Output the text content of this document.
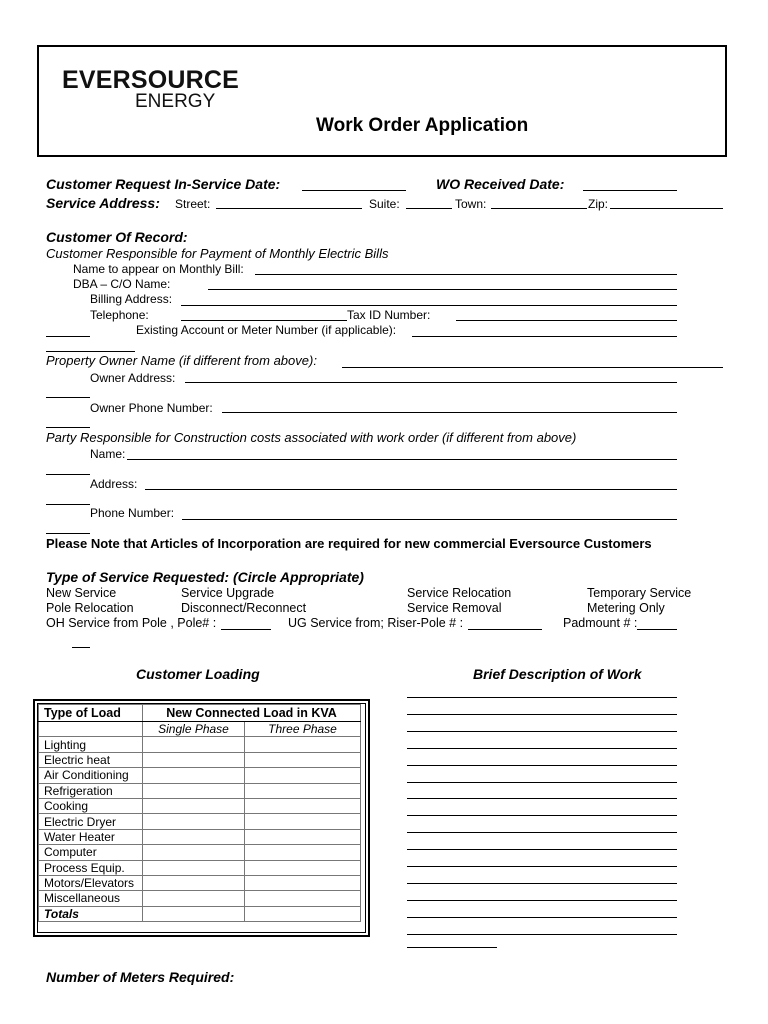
EVERSOURCE
ENERGY
Work Order Application
Customer Request In-Service Date:	WO Received Date:
Service Address: Street:	Suite:	Town:	Zip:
Customer Of Record:
Customer Responsible for Payment of Monthly Electric Bills
Name to appear on Monthly Bill:
DBA – C/O Name:
Billing Address:
Telephone:	Tax ID Number:
Existing Account or Meter Number (if applicable):
Property Owner Name (if different from above):
Owner Address:
Owner Phone Number:
Party Responsible for Construction costs associated with work order (if different from above)
Name:
Address:
Phone Number:
Please Note that Articles of Incorporation are required for new commercial Eversource Customers
Type of Service Requested: (Circle Appropriate)
New Service	Service Upgrade	Service Relocation	Temporary Service
Pole Relocation	Disconnect/Reconnect	Service Removal	Metering Only
OH Service from Pole , Pole# :	UG Service from; Riser-Pole # :	Padmount # :
Customer Loading	Brief Description of Work
Type of Load	New Connected Load in KVA	
	Single Phase	Three Phase
Lighting		
Electric heat		
Air Conditioning		
Refrigeration		
Cooking		
Electric Dryer		
Water Heater		
Computer		
Process Equip.		
Motors/Elevators		
Miscellaneous		
Totals		
Number of Meters Required:
